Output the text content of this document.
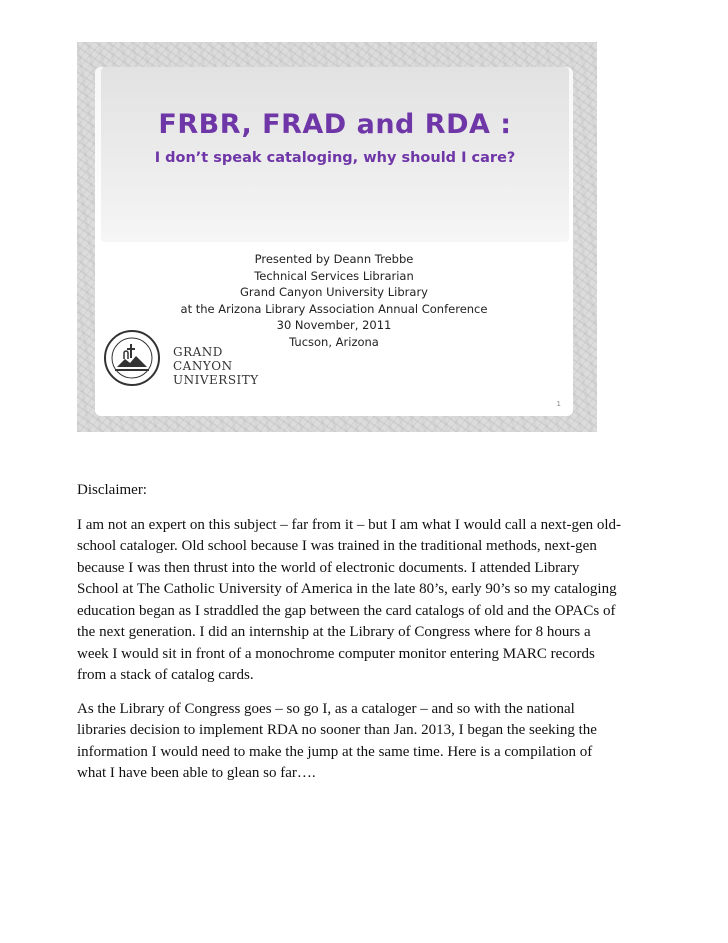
FRBR, FRAD and RDA :
I don’t speak cataloging, why should I care?
Presented by Deann Trebbe
Technical Services Librarian
Grand Canyon University Library
at the Arizona Library Association Annual Conference
30 November, 2011
Tucson, Arizona
GRAND CANYON
UNIVERSITY
1

Disclaimer:

I am not an expert on this subject – far from it – but I am what I would call a next-gen old-
school cataloger. Old school because I was trained in the traditional methods, next-gen
because I was then thrust into the world of electronic documents. I attended Library
School at The Catholic University of America in the late 80’s, early 90’s so my cataloging
education began as I straddled the gap between the card catalogs of old and the OPACs of
the next generation. I did an internship at the Library of Congress where for 8 hours a
week I would sit in front of a monochrome computer monitor entering MARC records
from a stack of catalog cards.

As the Library of Congress goes – so go I, as a cataloger – and so with the national
libraries decision to implement RDA no sooner than Jan. 2013, I began the seeking the
information I would need to make the jump at the same time. Here is a compilation of
what I have been able to glean so far….
